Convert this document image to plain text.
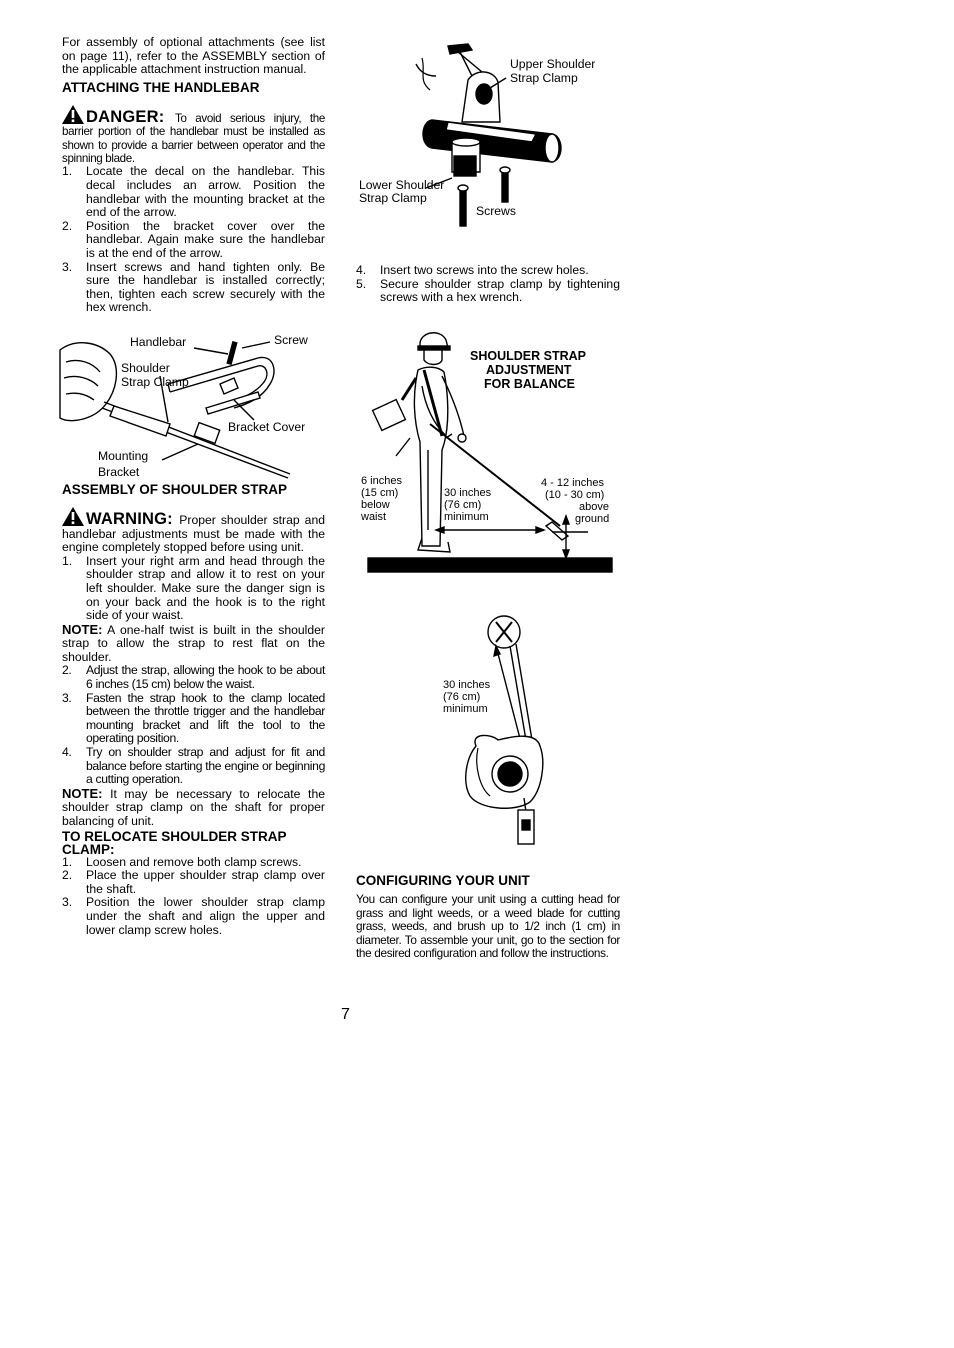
For assembly of optional attachments (see list on page 11), refer to the ASSEMBLY section of the applicable attachment instruction manual.

ATTACHING THE HANDLEBAR

DANGER: To avoid serious injury, the barrier portion of the handlebar must be installed as shown to provide a barrier between operator and the spinning blade.

1. Locate the decal on the handlebar. This decal includes an arrow. Position the handlebar with the mounting bracket at the end of the arrow.
2. Position the bracket cover over the handlebar. Again make sure the handlebar is at the end of the arrow.
3. Insert screws and hand tighten only. Be sure the handlebar is installed correctly; then, tighten each screw securely with the hex wrench.
ASSEMBLY OF SHOULDER STRAP

WARNING: Proper shoulder strap and handlebar adjustments must be made with the engine completely stopped before using unit.

1. Insert your right arm and head through the shoulder strap and allow it to rest on your left shoulder. Make sure the danger sign is on your back and the hook is to the right side of your waist.

NOTE: A one-half twist is built in the shoulder strap to allow the strap to rest flat on the shoulder.

2. Adjust the strap, allowing the hook to be about 6 inches (15 cm) below the waist.
3. Fasten the strap hook to the clamp located between the throttle trigger and the handlebar mounting bracket and lift the tool to the operating position.
4. Try on shoulder strap and adjust for fit and balance before starting the engine or beginning a cutting operation.

NOTE: It may be necessary to relocate the shoulder strap clamp on the shaft for proper balancing of unit.

TO RELOCATE SHOULDER STRAP CLAMP:
1. Loosen and remove both clamp screws.
2. Place the upper shoulder strap clamp over the shaft.
3. Position the lower shoulder strap clamp under the shaft and align the upper and lower clamp screw holes.
Handlebar	Screw
Shoulder
Strap Clamp
Bracket Cover
Mounting
Bracket
Upper Shoulder
Strap Clamp
Lower Shoulder
Strap Clamp
Screws
4. Insert two screws into the screw holes.
5. Secure shoulder strap clamp by tightening screws with a hex wrench.
SHOULDER STRAP
ADJUSTMENT
FOR BALANCE
6 inches
(15 cm)
below
waist
30 inches
(76 cm)
minimum
4 - 12 inches
(10 - 30 cm)
above
ground
30 inches
(76 cm)
minimum
CONFIGURING YOUR UNIT

You can configure your unit using a cutting head for grass and light weeds, or a weed blade for cutting grass, weeds, and brush up to 1/2 inch (1 cm) in diameter. To assemble your unit, go to the section for the desired configuration and follow the instructions.

7
